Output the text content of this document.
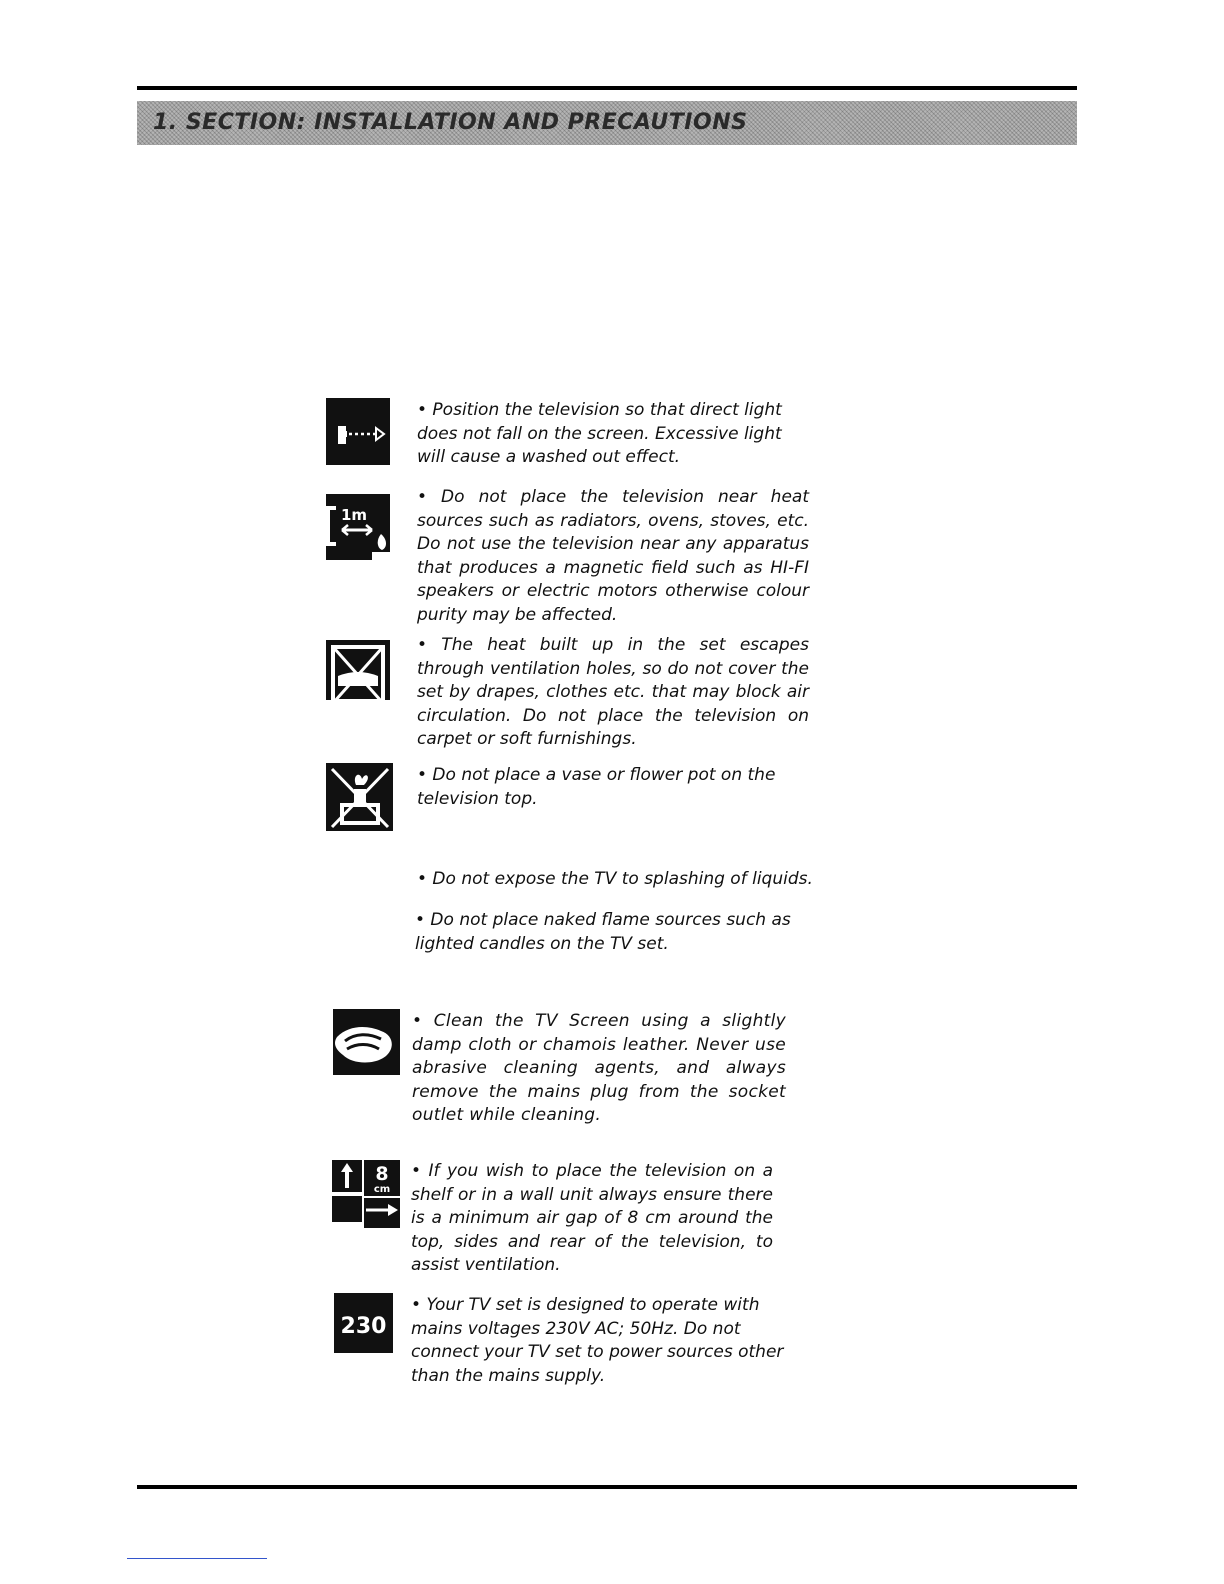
1. SECTION: INSTALLATION AND PRECAUTIONS

• Position the television so that direct light does not fall on the screen. Excessive light will cause a washed out effect.

1m

• Do not place the television near heat sources such as radiators, ovens, stoves, etc. Do not use the television near any apparatus that produces a magnetic field such as HI-FI speakers or electric motors otherwise colour purity may be affected.

• The heat built up in the set escapes through ventilation holes, so do not cover the set by drapes, clothes etc. that may block air circulation. Do not place the television on carpet or soft furnishings.

• Do not place a vase or flower pot on the television top.

• Do not expose the TV to splashing of liquids.

• Do not place naked flame sources such as lighted candles on the TV set.

• Clean the TV Screen using a slightly damp cloth or chamois leather. Never use abrasive cleaning agents, and always remove the mains plug from the socket outlet while cleaning.

8
cm

• If you wish to place the television on a shelf or in a wall unit always ensure there is a minimum air gap of 8 cm around the top, sides and rear of the television, to assist ventilation.

230

• Your TV set is designed to operate with mains voltages 230V AC; 50Hz. Do not connect your TV set to power sources other than the mains supply.
